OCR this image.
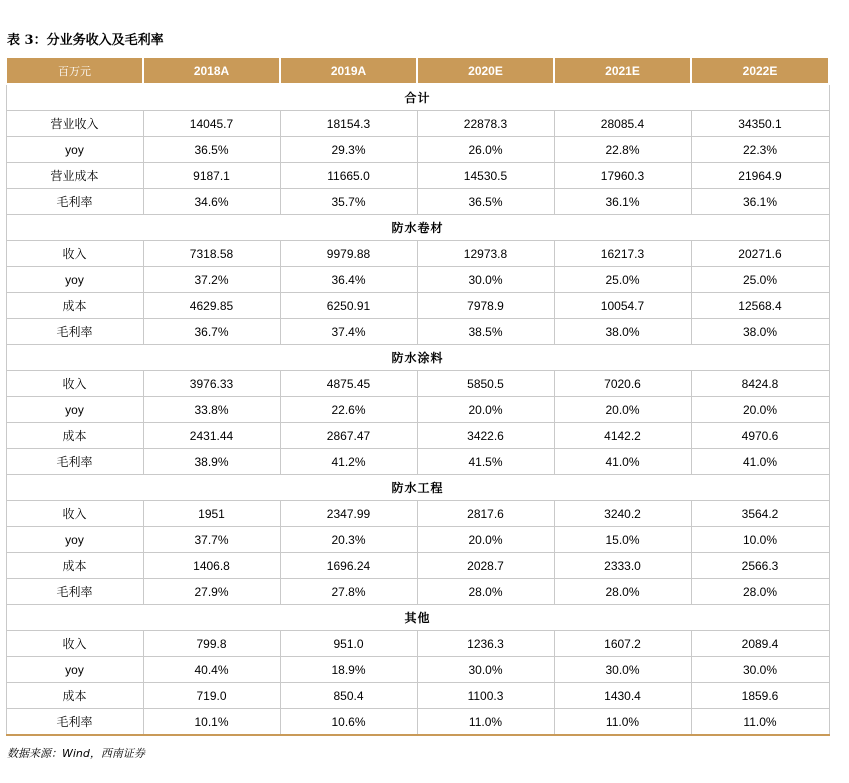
表 3：分业务收入及毛利率
百万元	2018A	2019A	2020E	2021E	2022E
合计					
营业收入	14045.7	18154.3	22878.3	28085.4	34350.1
yoy	36.5%	29.3%	26.0%	22.8%	22.3%
营业成本	9187.1	11665.0	14530.5	17960.3	21964.9
毛利率	34.6%	35.7%	36.5%	36.1%	36.1%
防水卷材					
收入	7318.58	9979.88	12973.8	16217.3	20271.6
yoy	37.2%	36.4%	30.0%	25.0%	25.0%
成本	4629.85	6250.91	7978.9	10054.7	12568.4
毛利率	36.7%	37.4%	38.5%	38.0%	38.0%
防水涂料					
收入	3976.33	4875.45	5850.5	7020.6	8424.8
yoy	33.8%	22.6%	20.0%	20.0%	20.0%
成本	2431.44	2867.47	3422.6	4142.2	4970.6
毛利率	38.9%	41.2%	41.5%	41.0%	41.0%
防水工程					
收入	1951	2347.99	2817.6	3240.2	3564.2
yoy	37.7%	20.3%	20.0%	15.0%	10.0%
成本	1406.8	1696.24	2028.7	2333.0	2566.3
毛利率	27.9%	27.8%	28.0%	28.0%	28.0%
其他					
收入	799.8	951.0	1236.3	1607.2	2089.4
yoy	40.4%	18.9%	30.0%	30.0%	30.0%
成本	719.0	850.4	1100.3	1430.4	1859.6
毛利率	10.1%	10.6%	11.0%	11.0%	11.0%
数据来源：Wind，西南证券
